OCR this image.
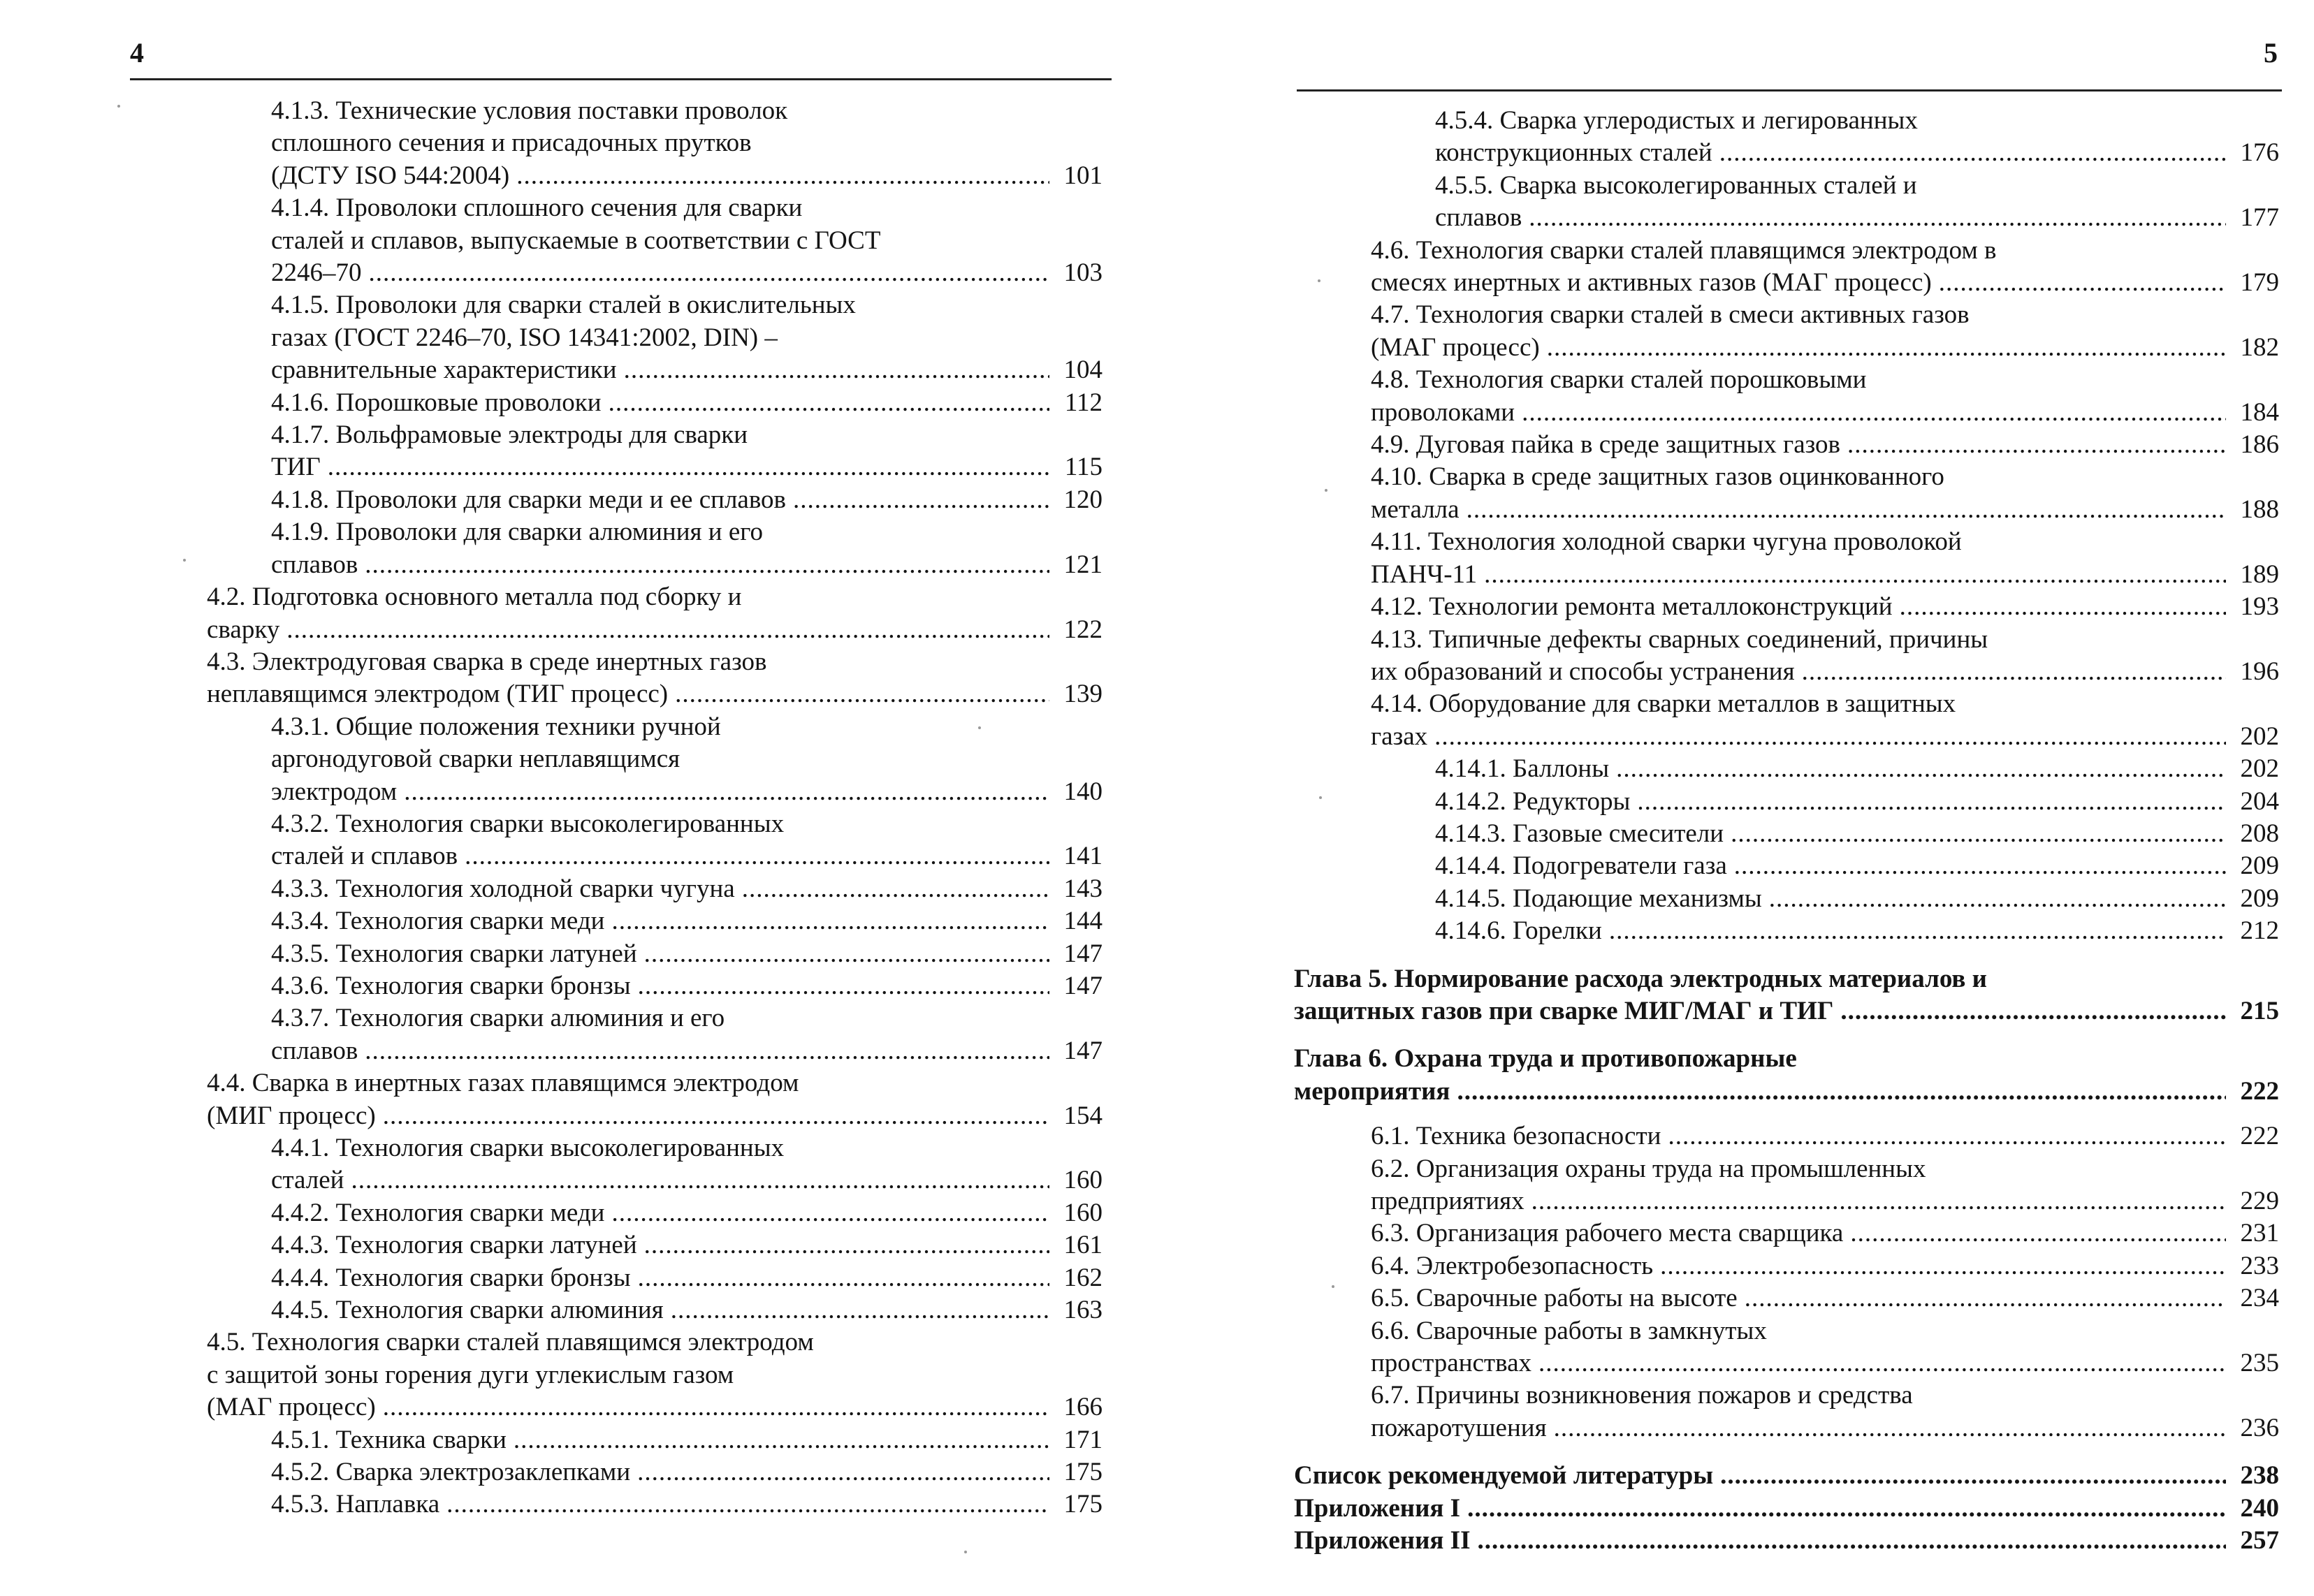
4
4.1.3. Технические условия поставки проволок
сплошного сечения и присадочных прутков
(ДСТУ ISO 544:2004) .....	101
4.1.4. Проволоки сплошного сечения для сварки
сталей и сплавов, выпускаемые в соответствии с ГОСТ
2246–70 .....	103
4.1.5. Проволоки для сварки сталей в окислительных
газах (ГОСТ 2246–70, ISO 14341:2002, DIN) –
сравнительные характеристики .....	104
4.1.6. Порошковые проволоки .....	112
4.1.7. Вольфрамовые электроды для сварки
ТИГ .....	115
4.1.8. Проволоки для сварки меди и ее сплавов .....	120
4.1.9. Проволоки для сварки алюминия и его
сплавов .....	121
4.2. Подготовка основного металла под сборку и
сварку .....	122
4.3. Электродуговая сварка в среде инертных газов
неплавящимся электродом (ТИГ процесс) .....	139
4.3.1. Общие положения техники ручной
аргонодуговой сварки неплавящимся
электродом .....	140
4.3.2. Технология сварки высоколегированных
сталей и сплавов .....	141
4.3.3. Технология холодной сварки чугуна .....	143
4.3.4. Технология сварки меди .....	144
4.3.5. Технология сварки латуней .....	147
4.3.6. Технология сварки бронзы .....	147
4.3.7. Технология сварки алюминия и его
сплавов .....	147
4.4. Сварка в инертных газах плавящимся электродом
(МИГ процесс) .....	154
4.4.1. Технология сварки высоколегированных
сталей .....	160
4.4.2. Технология сварки меди .....	160
4.4.3. Технология сварки латуней .....	161
4.4.4. Технология сварки бронзы .....	162
4.4.5. Технология сварки алюминия .....	163
4.5. Технология сварки сталей плавящимся электродом
с защитой зоны горения дуги углекислым газом
(МАГ процесс) .....	166
4.5.1. Техника сварки .....	171
4.5.2. Сварка электрозаклепками .....	175
4.5.3. Наплавка .....	175
5
4.5.4. Сварка углеродистых и легированных
конструкционных сталей .....	176
4.5.5. Сварка высоколегированных сталей и
сплавов .....	177
4.6. Технология сварки сталей плавящимся электродом в
смесях инертных и активных газов (МАГ процесс) .....	179
4.7. Технология сварки сталей в смеси активных газов
(МАГ процесс) .....	182
4.8. Технология сварки сталей порошковыми
проволоками .....	184
4.9. Дуговая пайка в среде защитных газов .....	186
4.10. Сварка в среде защитных газов оцинкованного
металла .....	188
4.11. Технология холодной сварки чугуна проволокой
ПАНЧ-11 .....	189
4.12. Технологии ремонта металлоконструкций .....	193
4.13. Типичные дефекты сварных соединений, причины
их образований и способы устранения .....	196
4.14. Оборудование для сварки металлов в защитных
газах .....	202
4.14.1. Баллоны .....	202
4.14.2. Редукторы .....	204
4.14.3. Газовые смесители .....	208
4.14.4. Подогреватели газа .....	209
4.14.5. Подающие механизмы .....	209
4.14.6. Горелки .....	212
Глава 5. Нормирование расхода электродных материалов и
защитных газов при сварке МИГ/МАГ и ТИГ .....	215
Глава 6. Охрана труда и противопожарные
мероприятия .....	222
6.1. Техника безопасности .....	222
6.2. Организация охраны труда на промышленных
предприятиях .....	229
6.3. Организация рабочего места сварщика .....	231
6.4. Электробезопасность .....	233
6.5. Сварочные работы на высоте .....	234
6.6. Сварочные работы в замкнутых
пространствах .....	235
6.7. Причины возникновения пожаров и средства
пожаротушения .....	236
Список рекомендуемой литературы .....	238
Приложения I .....	240
Приложения II .....	257
